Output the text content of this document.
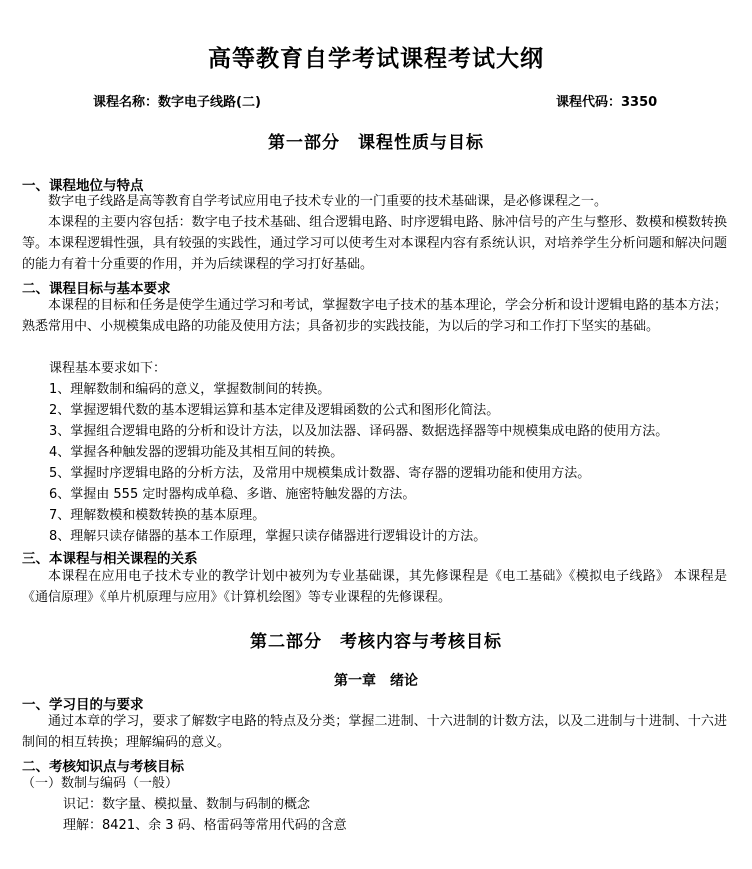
高等教育自学考试课程考试大纲
课程名称：数字电子线路(二)	课程代码：3350
第一部分　课程性质与目标
一、课程地位与特点
数字电子线路是高等教育自学考试应用电子技术专业的一门重要的技术基础课，是必修课程之一。
本课程的主要内容包括：数字电子技术基础、组合逻辑电路、时序逻辑电路、脉冲信号的产生与整形、数模和模数转换等。本课程逻辑性强，具有较强的实践性，通过学习可以使考生对本课程内容有系统认识，对培养学生分析问题和解决问题的能力有着十分重要的作用，并为后续课程的学习打好基础。
二、课程目标与基本要求
本课程的目标和任务是使学生通过学习和考试，掌握数字电子技术的基本理论，学会分析和设计逻辑电路的基本方法；熟悉常用中、小规模集成电路的功能及使用方法；具备初步的实践技能，为以后的学习和工作打下坚实的基础。
课程基本要求如下：
1、理解数制和编码的意义，掌握数制间的转换。
2、掌握逻辑代数的基本逻辑运算和基本定律及逻辑函数的公式和图形化简法。
3、掌握组合逻辑电路的分析和设计方法，以及加法器、译码器、数据选择器等中规模集成电路的使用方法。
4、掌握各种触发器的逻辑功能及其相互间的转换。
5、掌握时序逻辑电路的分析方法，及常用中规模集成计数器、寄存器的逻辑功能和使用方法。
6、掌握由 555 定时器构成单稳、多谐、施密特触发器的方法。
7、理解数模和模数转换的基本原理。
8、理解只读存储器的基本工作原理，掌握只读存储器进行逻辑设计的方法。
三、本课程与相关课程的关系
本课程在应用电子技术专业的教学计划中被列为专业基础课，其先修课程是《电工基础》《模拟电子线路》 本课程是《通信原理》《单片机原理与应用》《计算机绘图》等专业课程的先修课程。
第二部分　考核内容与考核目标
第一章　绪论
一、学习目的与要求
通过本章的学习，要求了解数字电路的特点及分类；掌握二进制、十六进制的计数方法，以及二进制与十进制、十六进制间的相互转换；理解编码的意义。
二、考核知识点与考核目标
（一）数制与编码（一般）
识记：数字量、模拟量、数制与码制的概念
理解：8421、余 3 码、格雷码等常用代码的含意
